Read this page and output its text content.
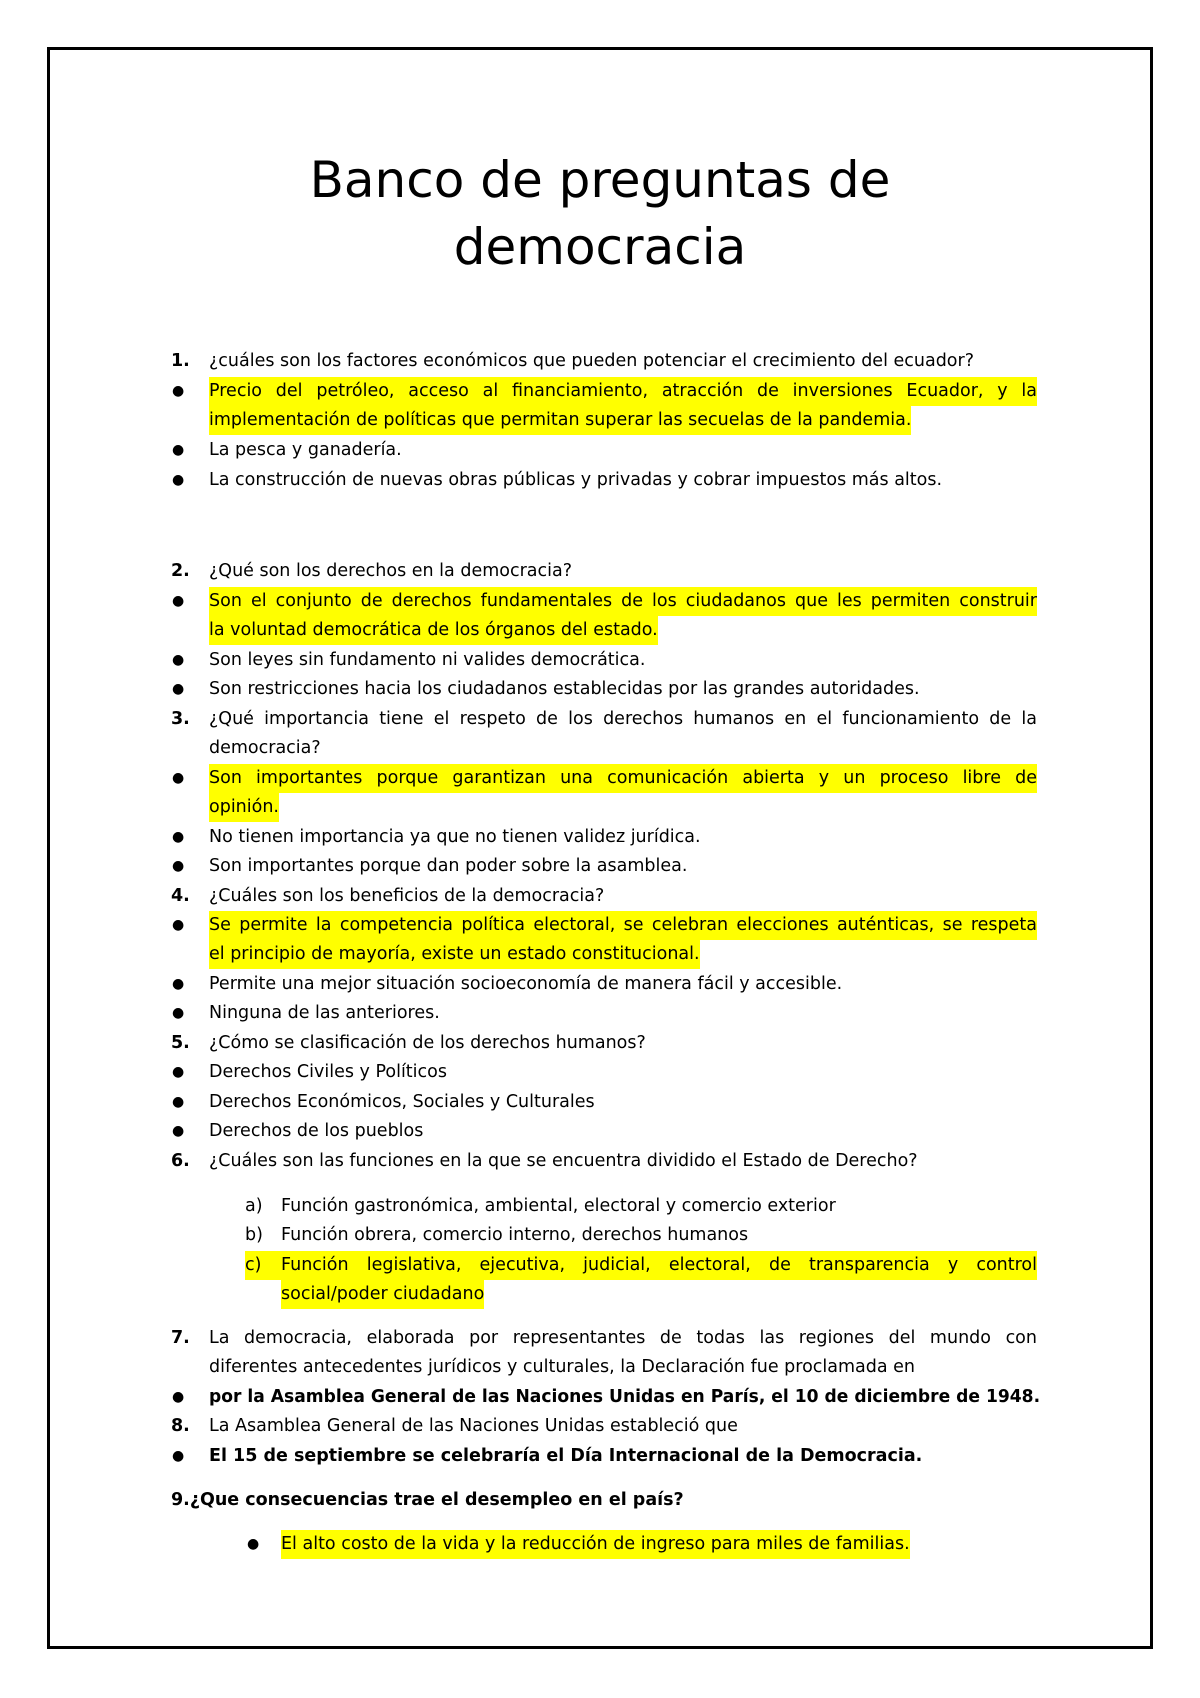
Banco de preguntas de
democracia
1. ¿cuáles son los factores económicos que pueden potenciar el crecimiento del ecuador?
● Precio del petróleo, acceso al financiamiento, atracción de inversiones Ecuador, y la
implementación de políticas que permitan superar las secuelas de la pandemia.
● La pesca y ganadería.
● La construcción de nuevas obras públicas y privadas y cobrar impuestos más altos.
2. ¿Qué son los derechos en la democracia?
● Son el conjunto de derechos fundamentales de los ciudadanos que les permiten construir
la voluntad democrática de los órganos del estado.
● Son leyes sin fundamento ni valides democrática.
● Son restricciones hacia los ciudadanos establecidas por las grandes autoridades.
3. ¿Qué importancia tiene el respeto de los derechos humanos en el funcionamiento de la
democracia?
● Son importantes porque garantizan una comunicación abierta y un proceso libre de
opinión.
● No tienen importancia ya que no tienen validez jurídica.
● Son importantes porque dan poder sobre la asamblea.
4. ¿Cuáles son los beneficios de la democracia?
● Se permite la competencia política electoral, se celebran elecciones auténticas, se respeta
el principio de mayoría, existe un estado constitucional.
● Permite una mejor situación socioeconomía de manera fácil y accesible.
● Ninguna de las anteriores.
5. ¿Cómo se clasificación de los derechos humanos?
● Derechos Civiles y Políticos
● Derechos Económicos, Sociales y Culturales
● Derechos de los pueblos
6. ¿Cuáles son las funciones en la que se encuentra dividido el Estado de Derecho?
a) Función gastronómica, ambiental, electoral y comercio exterior
b) Función obrera, comercio interno, derechos humanos
c)	Función legislativa, ejecutiva, judicial, electoral, de transparencia y control
social/poder ciudadano
7. La democracia, elaborada por representantes de todas las regiones del mundo con
diferentes antecedentes jurídicos y culturales, la Declaración fue proclamada en
● por la Asamblea General de las Naciones Unidas en París, el 10 de diciembre de 1948.
8. La Asamblea General de las Naciones Unidas estableció que
● El 15 de septiembre se celebraría el Día Internacional de la Democracia.
9.¿Que consecuencias trae el desempleo en el país?
● El alto costo de la vida y la reducción de ingreso para miles de familias.
